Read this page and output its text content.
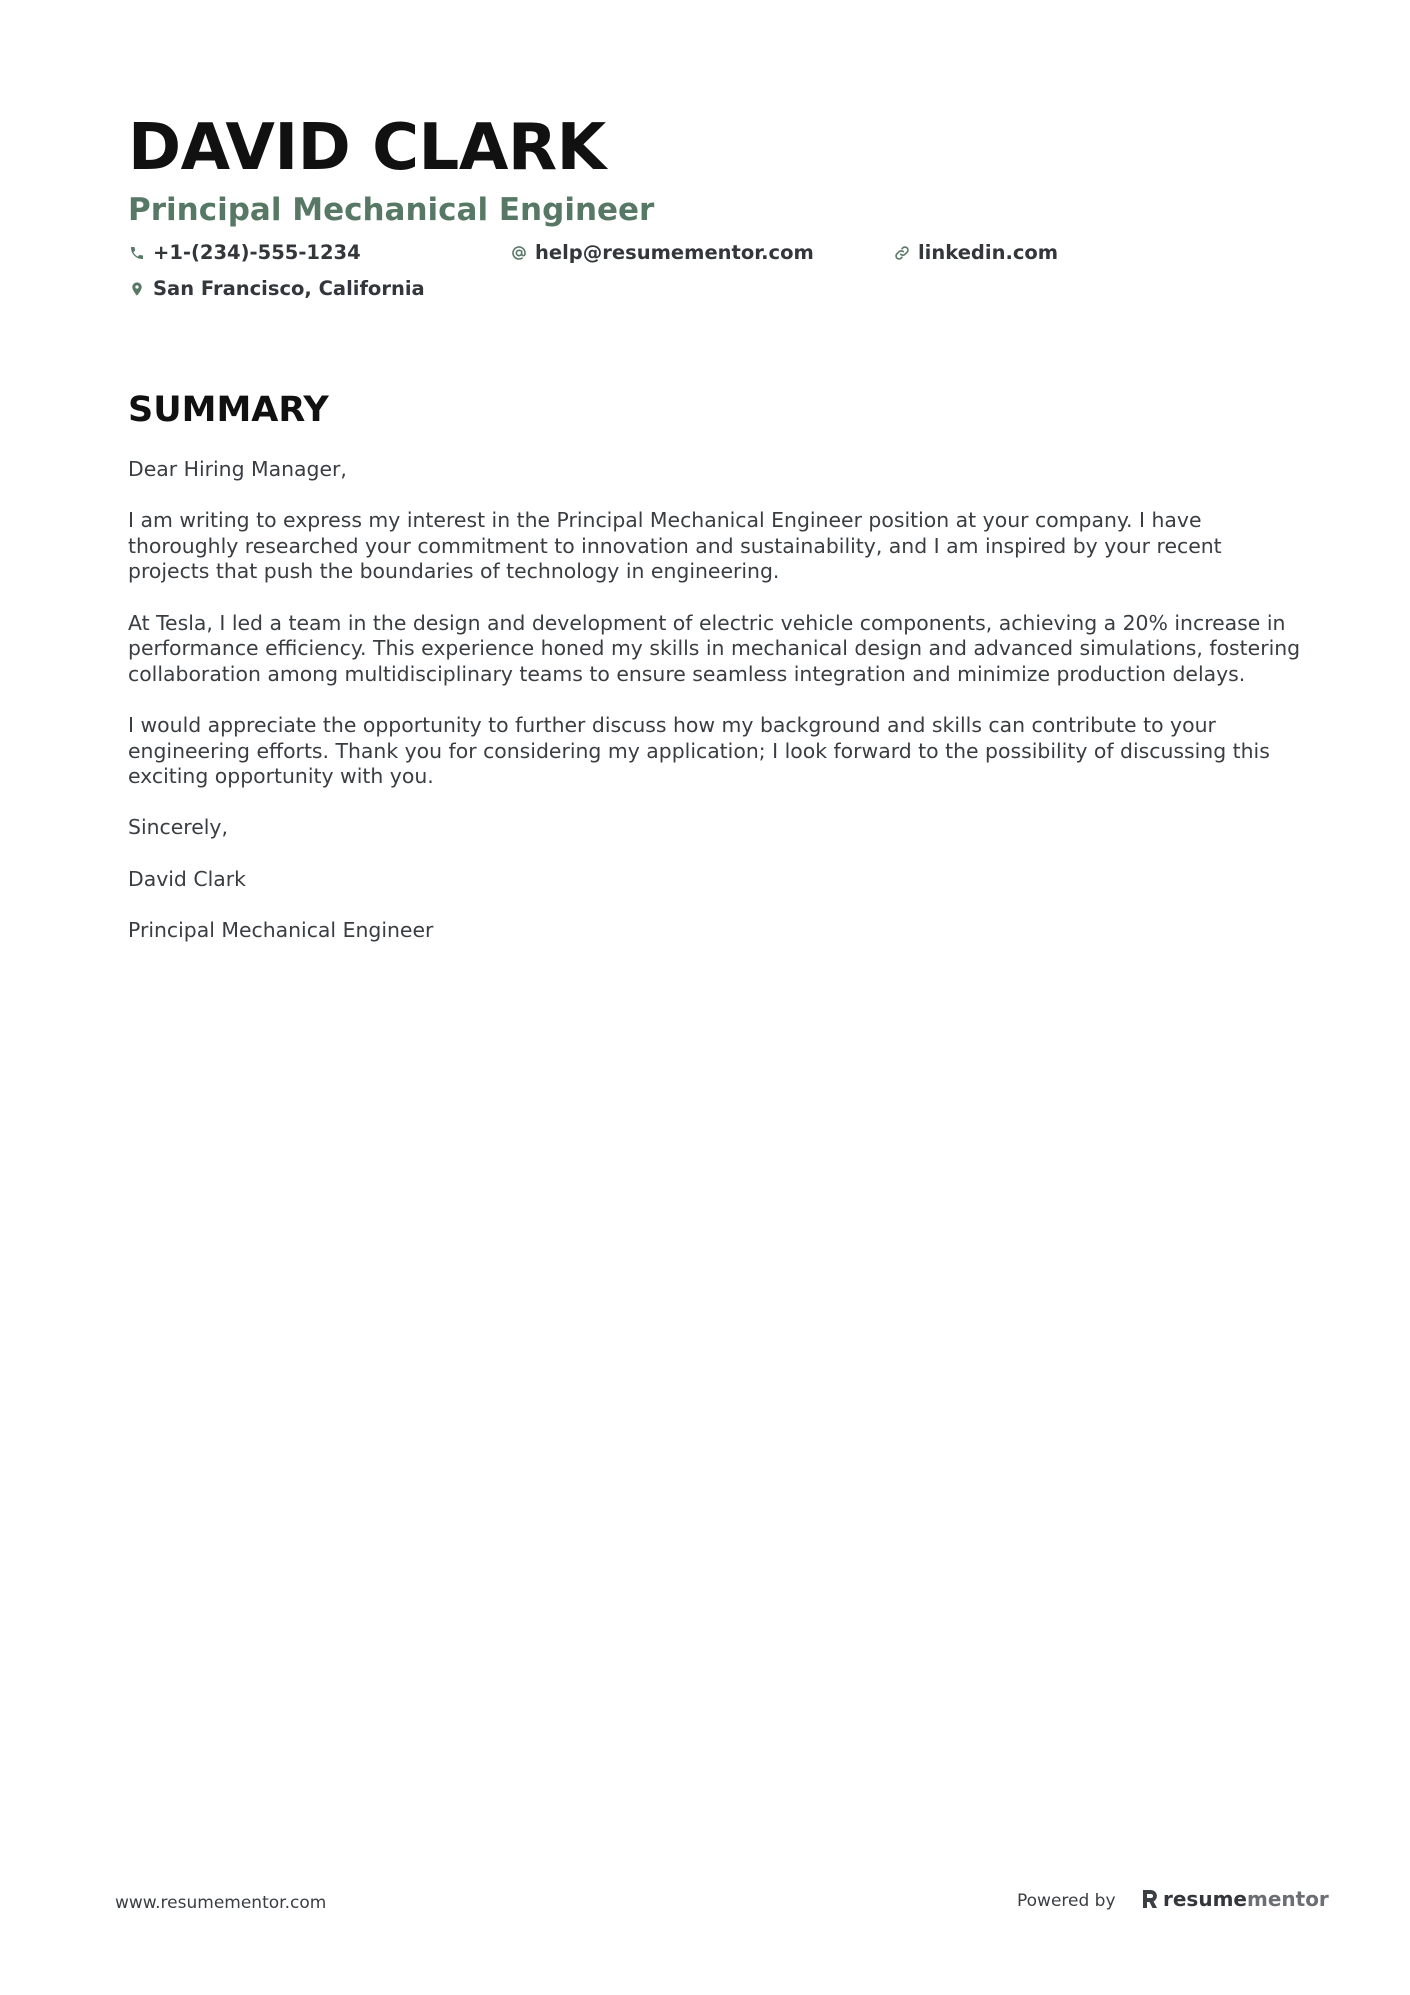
DAVID CLARK
Principal Mechanical Engineer
+1-(234)-555-1234	help@resumementor.com	linkedin.com
San Francisco, California
SUMMARY

Dear Hiring Manager,

I am writing to express my interest in the Principal Mechanical Engineer position at your company. I have thoroughly researched your commitment to innovation and sustainability, and I am inspired by your recent projects that push the boundaries of technology in engineering.

At Tesla, I led a team in the design and development of electric vehicle components, achieving a 20% increase in performance efficiency. This experience honed my skills in mechanical design and advanced simulations, fostering collaboration among multidisciplinary teams to ensure seamless integration and minimize production delays.

I would appreciate the opportunity to further discuss how my background and skills can contribute to your engineering efforts. Thank you for considering my application; I look forward to the possibility of discussing this exciting opportunity with you.

Sincerely,

David Clark

Principal Mechanical Engineer

www.resumementor.com	Powered by resume mentor
